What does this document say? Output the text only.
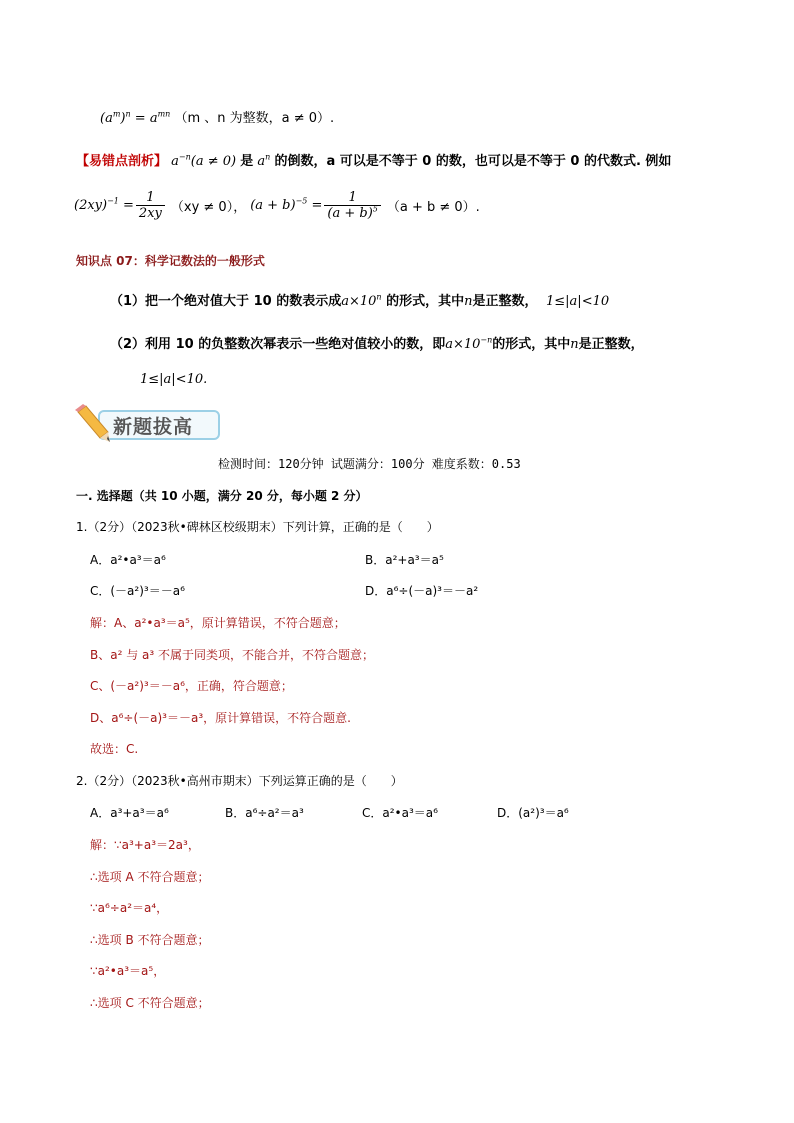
$(a^m)^n = a^{mn}$ （m 、n 为整数，a ≠ 0）.
【易错点剖析】 $a^{-n}(a \ne 0)$ 是 $a^n$ 的倒数，a 可以是不等于 0 的数，也可以是不等于 0 的代数式. 例如
$(2xy)^{-1} = \frac{1}{2xy} (xy \ne 0)$， $(a + b)^{-5} = \frac{1}{(a + b)^5} (a + b \ne 0)$.
知识点 07：科学记数法的一般形式
（1）把一个绝对值大于 10 的数表示成$a\times 10^n$ 的形式，其中n是正整数， 1≤|a|<10
（2）利用 10 的负整数次幂表示一些绝对值较小的数，即$a\times 10^{-n}$的形式，其中n是正整数，
1≤|a|<10.
新题拔高
检测时间：120分钟 试题满分：100分 难度系数：0.53
一. 选择题（共 10 小题，满分 20 分，每小题 2 分）
1.（2分）（2023秋•碑林区校级期末）下列计算，正确的是（　　）
A．a²•a³＝a⁶	B．a²+a³＝a⁵
C．(－a²)³＝－a⁶	D．a⁶÷(－a)³＝－a²
解：A、a²•a³＝a⁵，原计算错误，不符合题意；
B、a² 与 a³ 不属于同类项，不能合并，不符合题意；
C、(－a²)³＝－a⁶，正确，符合题意；
D、a⁶÷(－a)³＝－a³，原计算错误，不符合题意.
故选：C.
2.（2分）（2023秋•高州市期末）下列运算正确的是（　　）
A．a³+a³＝a⁶	B．a⁶÷a²＝a³	C．a²•a³＝a⁶	D．(a²)³＝a⁶
解：∵a³+a³＝2a³，
∴选项 A 不符合题意；
∵a⁶÷a²＝a⁴，
∴选项 B 不符合题意；
∵a²•a³＝a⁵，
∴选项 C 不符合题意；
